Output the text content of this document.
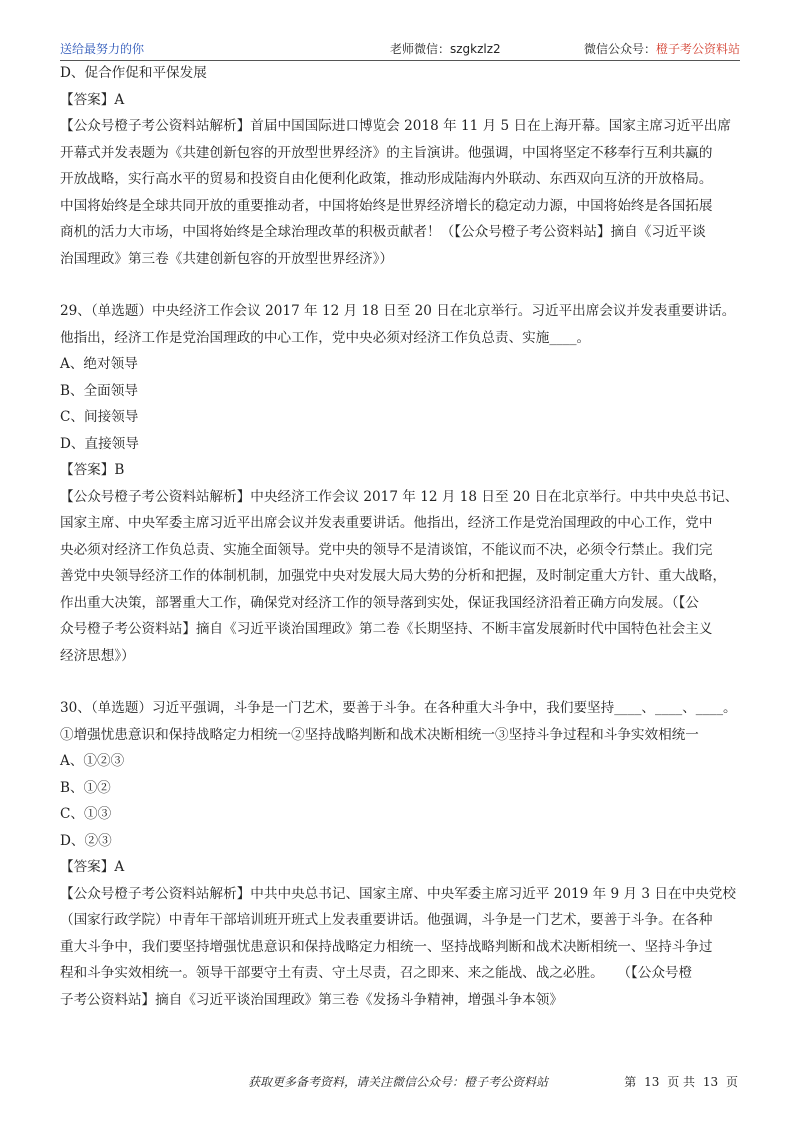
送给最努力的你	老师微信：szgkzlz2	微信公众号：橙子考公资料站

D、促合作促和平保发展

【答案】A

【公众号橙子考公资料站解析】首届中国国际进口博览会 2018 年 11 月 5 日在上海开幕。国家主席习近平出席

开幕式并发表题为《共建创新包容的开放型世界经济》的主旨演讲。他强调，中国将坚定不移奉行互利共赢的

开放战略，实行高水平的贸易和投资自由化便利化政策，推动形成陆海内外联动、东西双向互济的开放格局。

中国将始终是全球共同开放的重要推动者，中国将始终是世界经济增长的稳定动力源，中国将始终是各国拓展

商机的活力大市场，中国将始终是全球治理改革的积极贡献者！（【公众号橙子考公资料站】摘自《习近平谈

治国理政》第三卷《共建创新包容的开放型世界经济》）

29、（单选题）中央经济工作会议 2017 年 12 月 18 日至 20 日在北京举行。习近平出席会议并发表重要讲话。

他指出，经济工作是党治国理政的中心工作，党中央必须对经济工作负总责、实施____。

A、绝对领导

B、全面领导

C、间接领导

D、直接领导

【答案】B

【公众号橙子考公资料站解析】中央经济工作会议 2017 年 12 月 18 日至 20 日在北京举行。中共中央总书记、

国家主席、中央军委主席习近平出席会议并发表重要讲话。他指出，经济工作是党治国理政的中心工作，党中

央必须对经济工作负总责、实施全面领导。党中央的领导不是清谈馆，不能议而不决，必须令行禁止。我们完

善党中央领导经济工作的体制机制，加强党中央对发展大局大势的分析和把握，及时制定重大方针、重大战略，

作出重大决策，部署重大工作，确保党对经济工作的领导落到实处，保证我国经济沿着正确方向发展。（【公

众号橙子考公资料站】摘自《习近平谈治国理政》第二卷《长期坚持、不断丰富发展新时代中国特色社会主义

经济思想》）

30、（单选题）习近平强调，斗争是一门艺术，要善于斗争。在各种重大斗争中，我们要坚持____、____、____。

①增强忧患意识和保持战略定力相统一②坚持战略判断和战术决断相统一③坚持斗争过程和斗争实效相统一

A、①②③

B、①②

C、①③

D、②③

【答案】A

【公众号橙子考公资料站解析】中共中央总书记、国家主席、中央军委主席习近平 2019 年 9 月 3 日在中央党校

（国家行政学院）中青年干部培训班开班式上发表重要讲话。他强调，斗争是一门艺术，要善于斗争。在各种

重大斗争中，我们要坚持增强忧患意识和保持战略定力相统一、坚持战略判断和战术决断相统一、坚持斗争过

程和斗争实效相统一。领导干部要守土有责、守土尽责，召之即来、来之能战、战之必胜。　　（【公众号橙

子考公资料站】摘自《习近平谈治国理政》第三卷《发扬斗争精神，增强斗争本领》

获取更多备考资料，请关注微信公众号：橙子考公资料站	第 13 页 共 13 页
